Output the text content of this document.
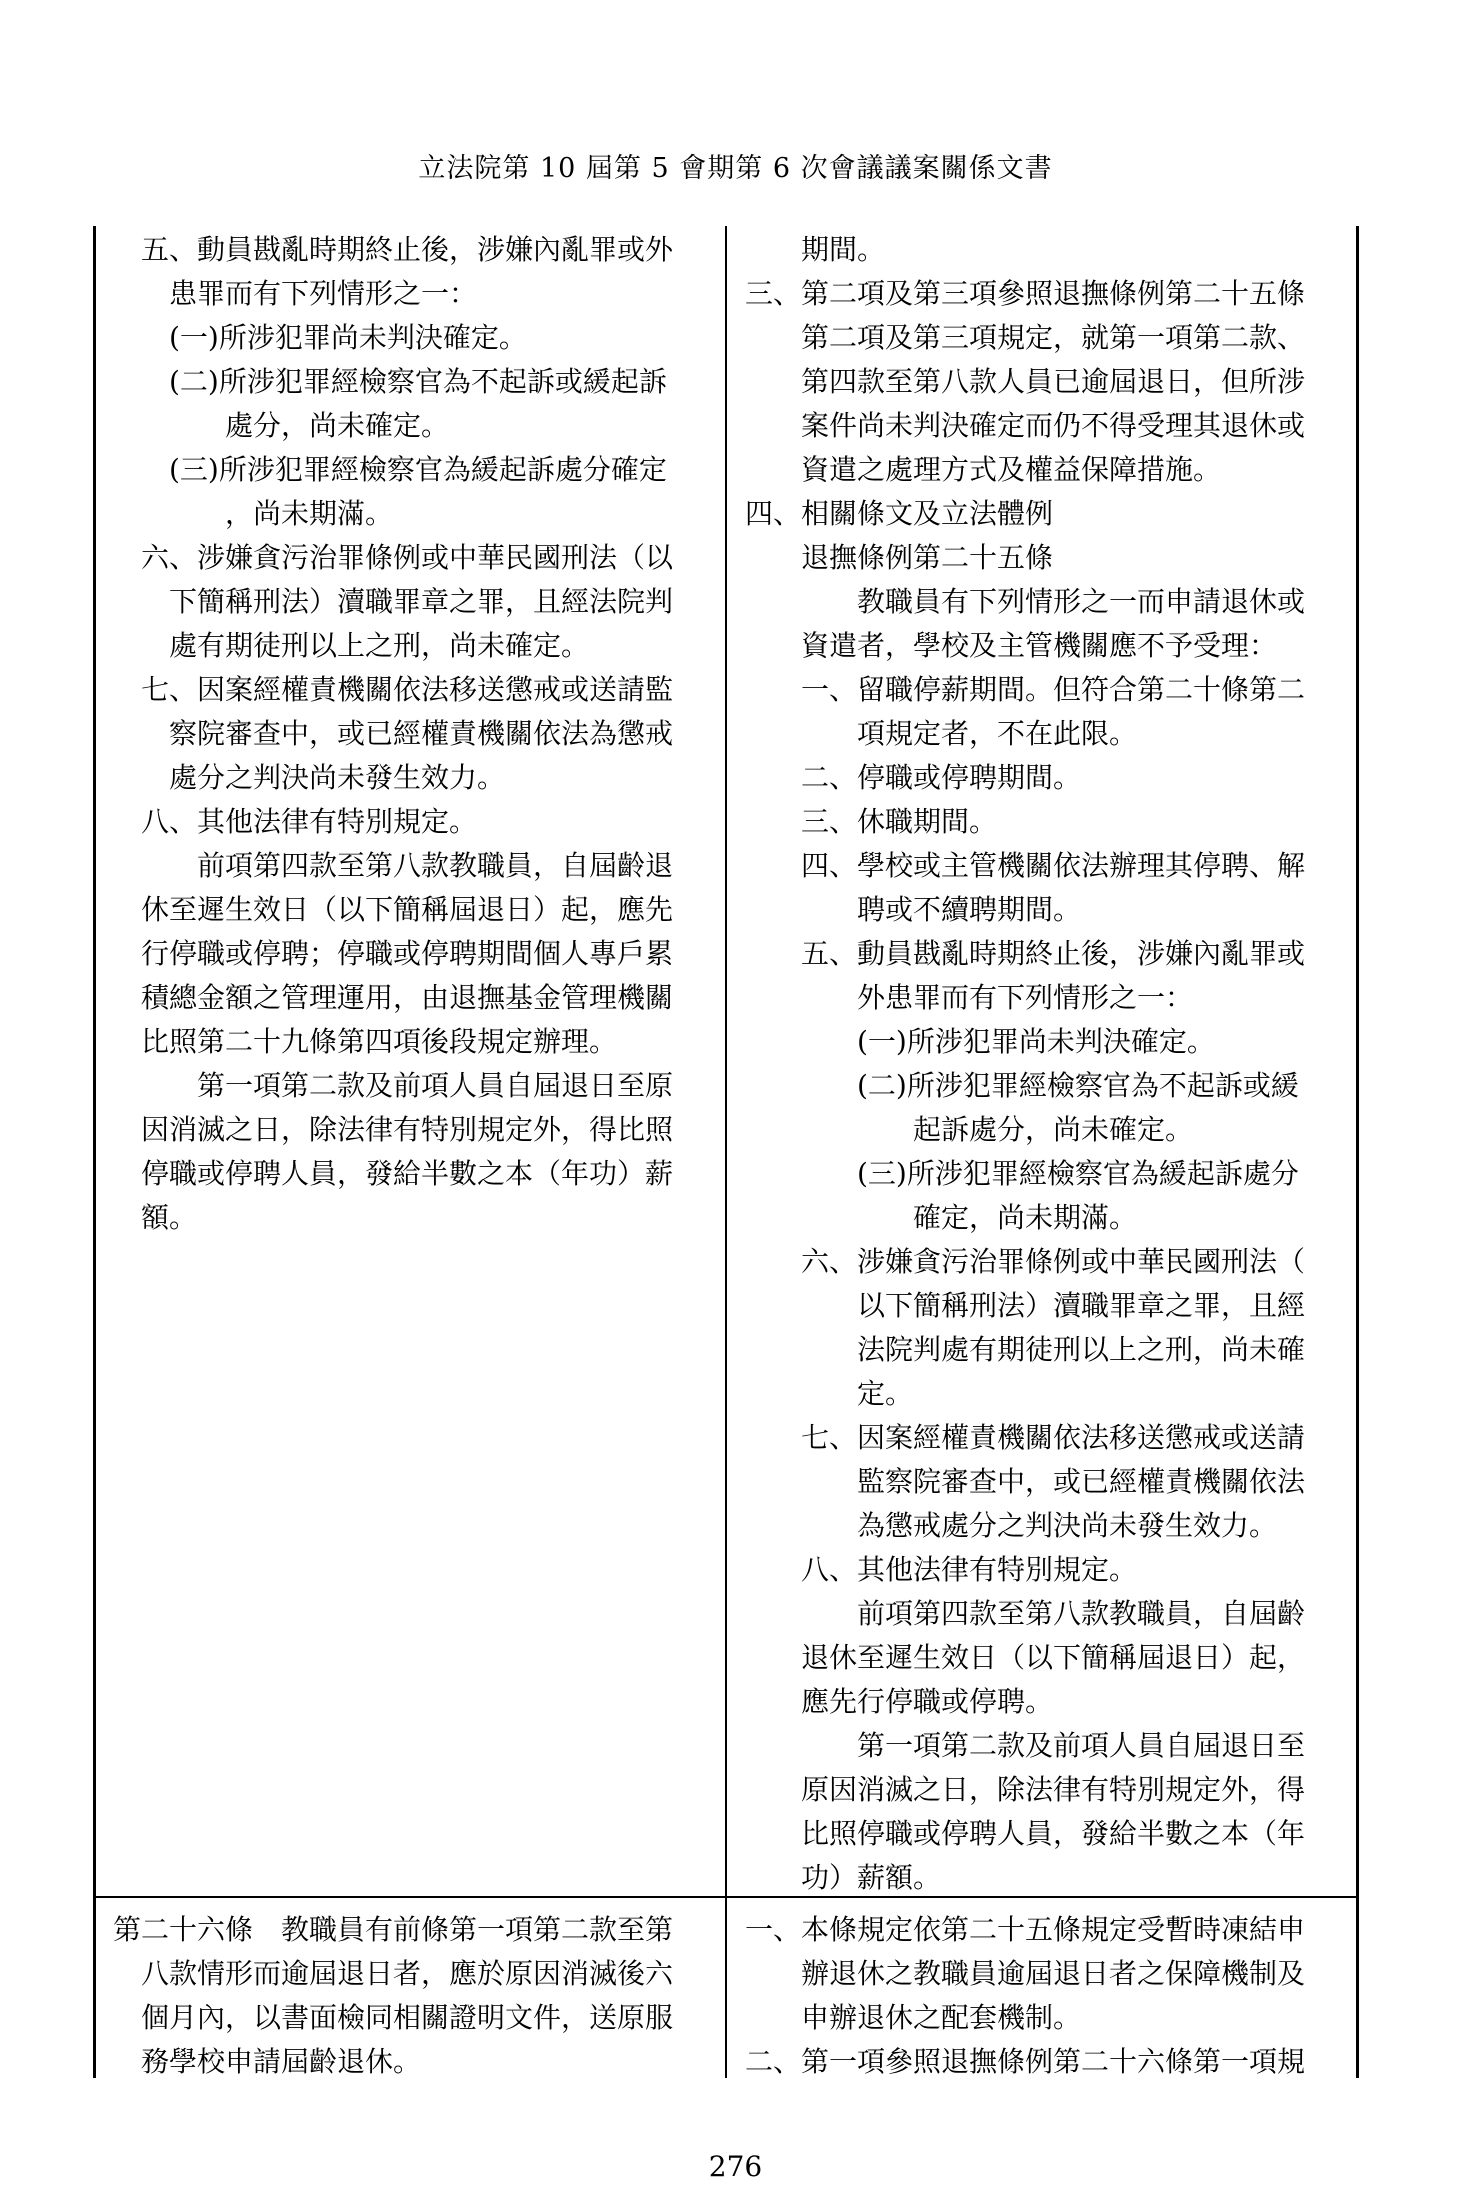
立法院第 10 屆第 5 會期第 6 次會議議案關係文書
　五、動員戡亂時期終止後，涉嫌內亂罪或外
　　患罪而有下列情形之一：
　　(一)所涉犯罪尚未判決確定。
　　(二)所涉犯罪經檢察官為不起訴或緩起訴
　　　　處分，尚未確定。
　　(三)所涉犯罪經檢察官為緩起訴處分確定
　　　　，尚未期滿。
　六、涉嫌貪污治罪條例或中華民國刑法（以
　　下簡稱刑法）瀆職罪章之罪，且經法院判
　　處有期徒刑以上之刑，尚未確定。
　七、因案經權責機關依法移送懲戒或送請監
　　察院審查中，或已經權責機關依法為懲戒
　　處分之判決尚未發生效力。
　八、其他法律有特別規定。
　　　前項第四款至第八款教職員，自屆齡退
　休至遲生效日（以下簡稱屆退日）起，應先
　行停職或停聘；停職或停聘期間個人專戶累
　積總金額之管理運用，由退撫基金管理機關
　比照第二十九條第四項後段規定辦理。
　　　第一項第二款及前項人員自屆退日至原
　因消滅之日，除法律有特別規定外，得比照
　停職或停聘人員，發給半數之本（年功）薪
　額。
　　期間。
三、第二項及第三項參照退撫條例第二十五條
　　第二項及第三項規定，就第一項第二款、
　　第四款至第八款人員已逾屆退日，但所涉
　　案件尚未判決確定而仍不得受理其退休或
　　資遣之處理方式及權益保障措施。
四、相關條文及立法體例
　　退撫條例第二十五條
　　　　教職員有下列情形之一而申請退休或
　　資遣者，學校及主管機關應不予受理：
　　一、留職停薪期間。但符合第二十條第二
　　　　項規定者，不在此限。
　　二、停職或停聘期間。
　　三、休職期間。
　　四、學校或主管機關依法辦理其停聘、解
　　　　聘或不續聘期間。
　　五、動員戡亂時期終止後，涉嫌內亂罪或
　　　　外患罪而有下列情形之一：
　　　　(一)所涉犯罪尚未判決確定。
　　　　(二)所涉犯罪經檢察官為不起訴或緩
　　　　　　起訴處分，尚未確定。
　　　　(三)所涉犯罪經檢察官為緩起訴處分
　　　　　　確定，尚未期滿。
　　六、涉嫌貪污治罪條例或中華民國刑法（
　　　　以下簡稱刑法）瀆職罪章之罪，且經
　　　　法院判處有期徒刑以上之刑，尚未確
　　　　定。
　　七、因案經權責機關依法移送懲戒或送請
　　　　監察院審查中，或已經權責機關依法
　　　　為懲戒處分之判決尚未發生效力。
　　八、其他法律有特別規定。
　　　　前項第四款至第八款教職員，自屆齡
　　退休至遲生效日（以下簡稱屆退日）起，
　　應先行停職或停聘。
　　　　第一項第二款及前項人員自屆退日至
　　原因消滅之日，除法律有特別規定外，得
　　比照停職或停聘人員，發給半數之本（年
　　功）薪額。
第二十六條　教職員有前條第一項第二款至第
　八款情形而逾屆退日者，應於原因消滅後六
　個月內，以書面檢同相關證明文件，送原服
　務學校申請屆齡退休。
一、本條規定依第二十五條規定受暫時凍結申
　　辦退休之教職員逾屆退日者之保障機制及
　　申辦退休之配套機制。
二、第一項參照退撫條例第二十六條第一項規
276
